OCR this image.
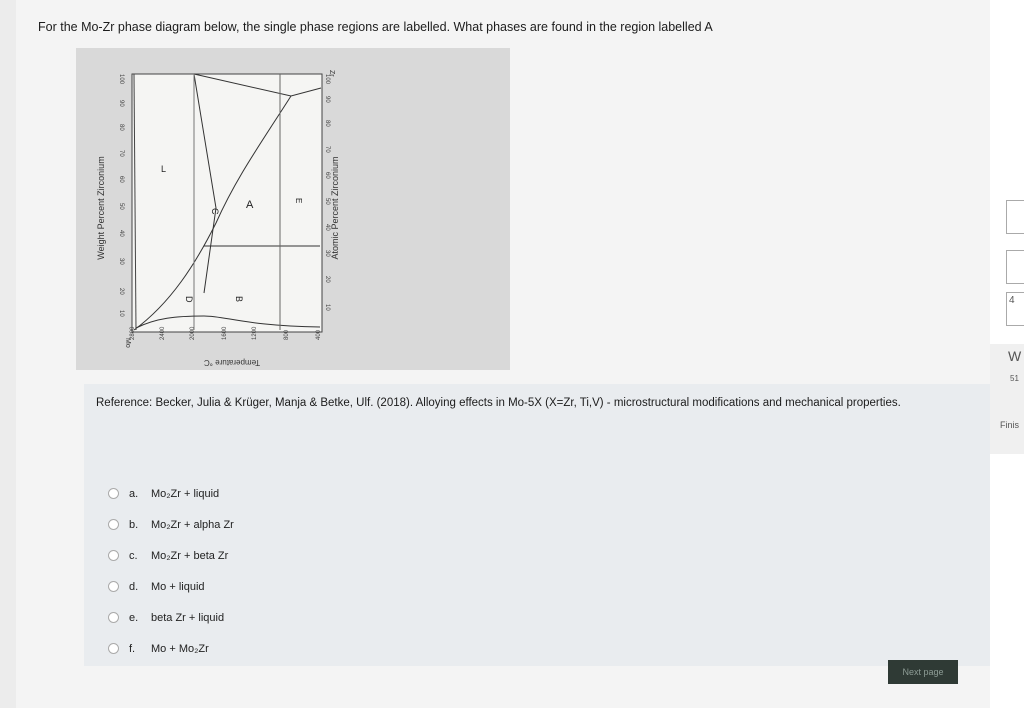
For the Mo-Zr phase diagram below, the single phase regions are labelled. What phases are found in the region labelled A
L
A
B
D
C
E
Weight Percent Zirconium	Atomic Percent Zirconium
Temperature °C
Mo
Zr
10
20
30
40
50
60
70
80
90
100
10
20
30
40
50
60
70
80
90
100
2800	2400	2000	1600	1200	800	400
Reference: Becker, Julia & Krüger, Manja & Betke, Ulf. (2018). Alloying effects in Mo-5X (X=Zr, Ti,V) - microstructural modifications and mechanical properties.
a.	Mo₂Zr + liquid
b.	Mo₂Zr + alpha Zr
c.	Mo₂Zr + beta Zr
d.	Mo + liquid
e.	beta Zr + liquid
f.	Mo + Mo₂Zr
Next page
4
W
51
Finis
